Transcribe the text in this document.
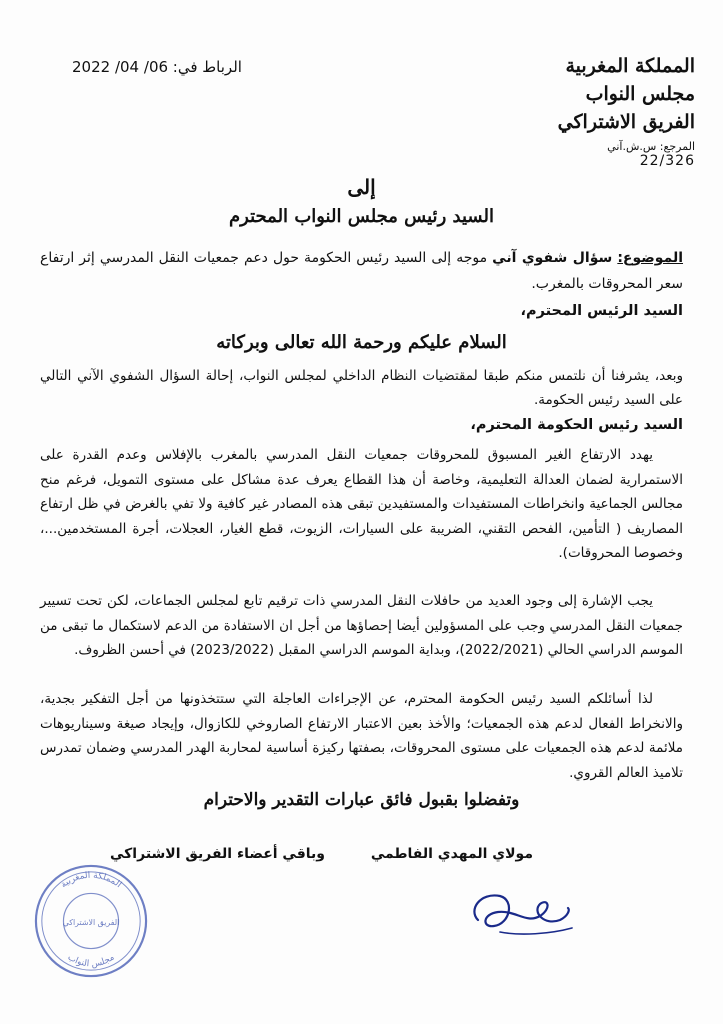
المملكة المغربية
مجلس النواب
الفريق الاشتراكي
المرجع: س.ش.آني
22/326
الرباط في: 06/ 04/ 2022
إلى
السيد رئيس مجلس النواب المحترم
الموضوع: سؤال شفوي آني موجه إلى السيد رئيس الحكومة حول دعم جمعيات النقل المدرسي إثر ارتفاع سعر المحروقات بالمغرب.
السيد الرئيس المحترم،
السلام عليكم ورحمة الله تعالى وبركاته
وبعد، يشرفنا أن نلتمس منكم طبقا لمقتضيات النظام الداخلي لمجلس النواب، إحالة السؤال الشفوي الآني التالي على السيد رئيس الحكومة.
السيد رئيس الحكومة المحترم،
يهدد الارتفاع الغير المسبوق للمحروقات جمعيات النقل المدرسي بالمغرب بالإفلاس وعدم القدرة على الاستمرارية لضمان العدالة التعليمية، وخاصة أن هذا القطاع يعرف عدة مشاكل على مستوى التمويل، فرغم منح مجالس الجماعية وانخراطات المستفيدات والمستفيدين تبقى هذه المصادر غير كافية ولا تفي بالغرض في ظل ارتفاع المصاريف ( التأمين، الفحص التقني، الضريبة على السيارات، الزيوت، قطع الغيار، العجلات، أجرة المستخدمين...، وخصوصا المحروقات).
يجب الإشارة إلى وجود العديد من حافلات النقل المدرسي ذات ترقيم تابع لمجلس الجماعات، لكن تحت تسيير جمعيات النقل المدرسي وجب على المسؤولين أيضا إحصاؤها من أجل ان الاستفادة من الدعم لاستكمال ما تبقى من الموسم الدراسي الحالي (2022/2021)، وبداية الموسم الدراسي المقبل (2023/2022) في أحسن الظروف.
لذا أسائلكم السيد رئيس الحكومة المحترم، عن الإجراءات العاجلة التي ستتخذونها من أجل التفكير بجدية، والانخراط الفعال لدعم هذه الجمعيات؛ والأخذ بعين الاعتبار الارتفاع الصاروخي للكازوال، وإيجاد صيغة وسيناريوهات ملائمة لدعم هذه الجمعيات على مستوى المحروقات، بصفتها ركيزة أساسية لمحاربة الهدر المدرسي وضمان تمدرس تلاميذ العالم القروي.
وتفضلوا بقبول فائق عبارات التقدير والاحترام
مولاي المهدي الفاطمي
وباقي أعضاء الفريق الاشتراكي
المملكة المغربية
الفريق الاشتراكي
مجلس النواب
